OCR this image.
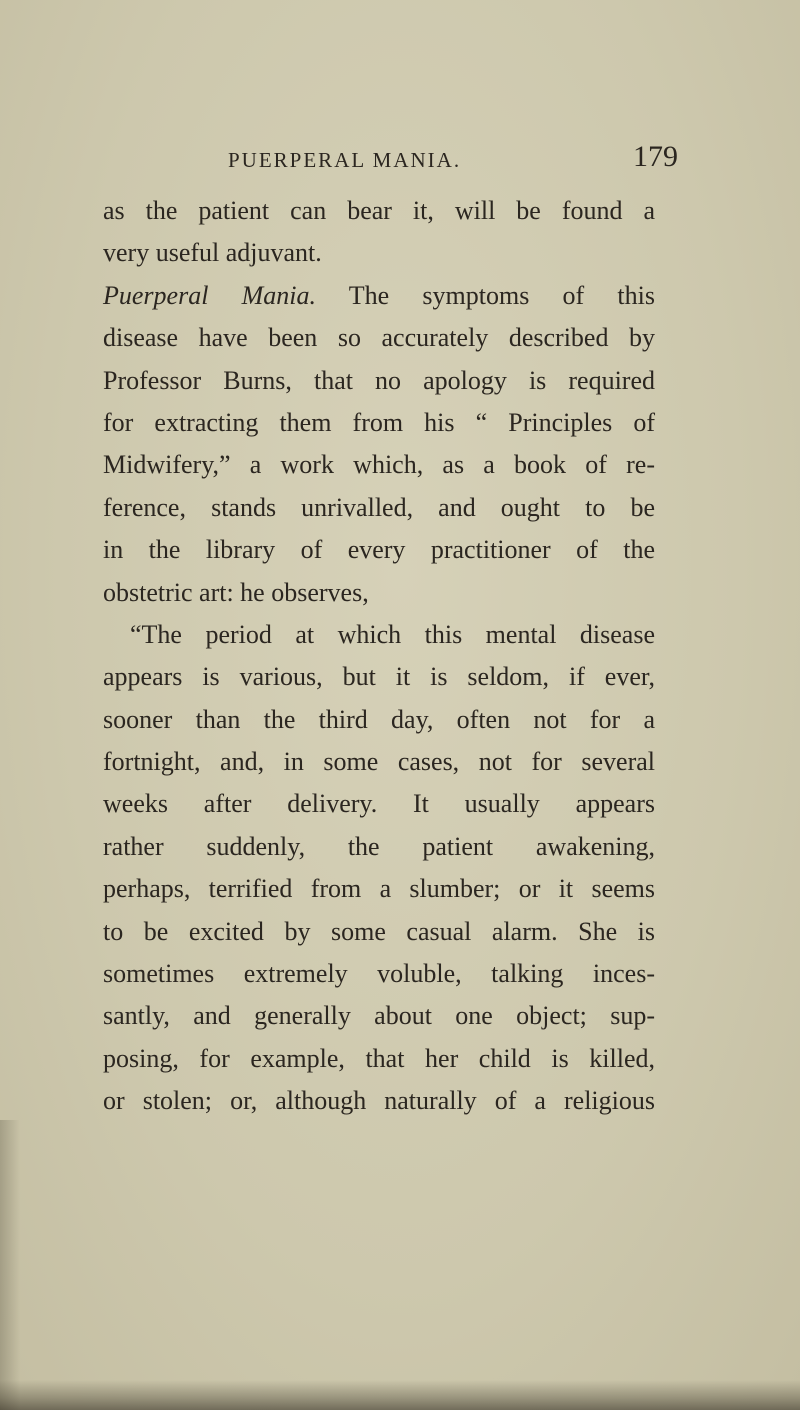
PUERPERAL MANIA.	179
as the patient can bear it, will be found a
very useful adjuvant.
Puerperal Mania. The symptoms of this
disease have been so accurately described by
Professor Burns, that no apology is required
for extracting them from his “ Principles of
Midwifery,” a work which, as a book of re-
ference, stands unrivalled, and ought to be
in the library of every practitioner of the
obstetric art: he observes,
“The period at which this mental disease
appears is various, but it is seldom, if ever,
sooner than the third day, often not for a
fortnight, and, in some cases, not for several
weeks after delivery. It usually appears
rather suddenly, the patient awakening,
perhaps, terrified from a slumber; or it seems
to be excited by some casual alarm. She is
sometimes extremely voluble, talking inces-
santly, and generally about one object; sup-
posing, for example, that her child is killed,
or stolen; or, although naturally of a religious
